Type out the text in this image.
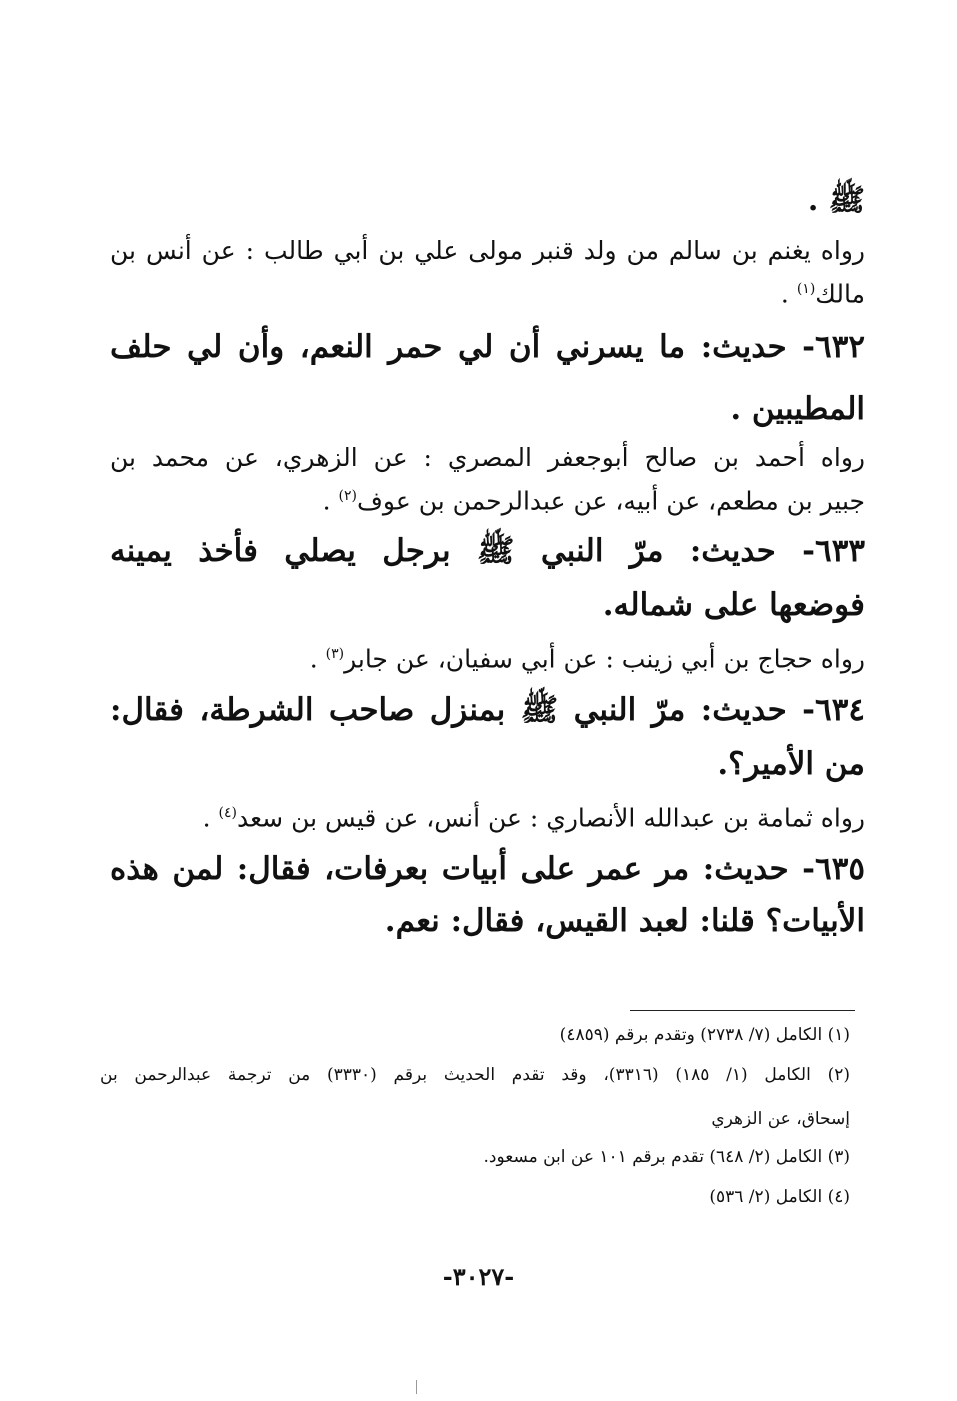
ﷺ .
رواه يغنم بن سالم من ولد قنبر مولى علي بن أبي طالب : عن أنس بن
مالك$^{(١)}$ .
٦٣٢- حديث: ما يسرني أن لي حمر النعم، وأن لي حلف
المطيبين .
رواه أحمد بن صالح أبوجعفر المصري : عن الزهري، عن محمد بن
جبير بن مطعم، عن أبيه، عن عبدالرحمن بن عوف$^{(٢)}$ .
٦٣٣- حديث: مرّ النبي ﷺ برجل يصلي فأخذ يمينه
فوضعها على شماله.
رواه حجاج بن أبي زينب : عن أبي سفيان، عن جابر$^{(٣)}$ .
٦٣٤- حديث: مرّ النبي ﷺ بمنزل صاحب الشرطة، فقال:
من الأمير؟.
رواه ثمامة بن عبدالله الأنصاري : عن أنس، عن قيس بن سعد$^{(٤)}$ .
٦٣٥- حديث: مر عمر على أبيات بعرفات، فقال: لمن هذه
الأبيات؟ قلنا: لعبد القيس، فقال: نعم.
(١) الكامل (٧/ ٢٧٣٨) وتقدم برقم (٤٨٥٩)
(٢) الكامل (١/ ١٨٥) (٣٣١٦)، وقد تقدم الحديث برقم (٣٣٣٠) من ترجمة عبدالرحمن بن
إسحاق، عن الزهري
(٣) الكامل (٢/ ٦٤٨) تقدم برقم ١٠١ عن ابن مسعود.
(٤) الكامل (٢/ ٥٣٦)
-٣٠٢٧-
